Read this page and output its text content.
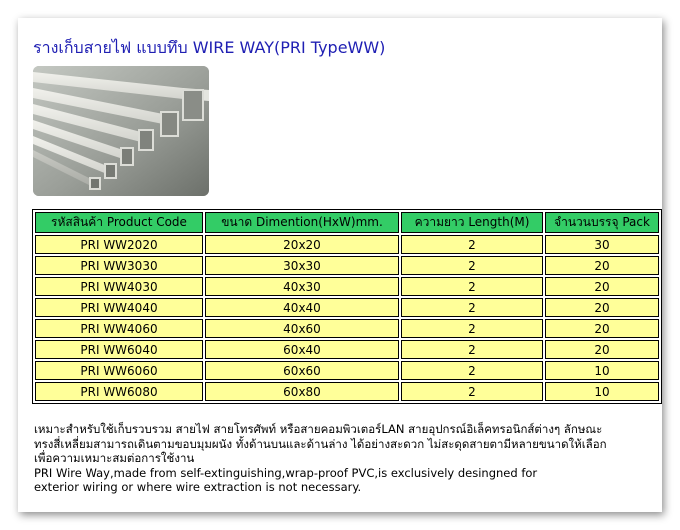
รางเก็บสายไฟ แบบทึบ WIRE WAY(PRI TypeWW)
รหัสสินค้า Product Code	ขนาด Dimention(HxW)mm.	ความยาว Length(M)	จำนวนบรรจุ Pack
PRI WW2020	20x20	2	30
PRI WW3030	30x30	2	20
PRI WW4030	40x30	2	20
PRI WW4040	40x40	2	20
PRI WW4060	40x60	2	20
PRI WW6040	60x40	2	20
PRI WW6060	60x60	2	10
PRI WW6080	60x80	2	10
เหมาะสำหรับใช้เก็บรวบรวม สายไฟ สายโทรศัพท์ หรือสายคอมพิวเตอร์LAN สายอุปกรณ์อิเล็คทรอนิกส์ต่างๆ ลักษณะ
ทรงสี่เหลี่ยมสามารถเดินตามขอบมุมผนัง ทั้งด้านบนและด้านล่าง ได้อย่างสะดวก ไม่สะดุดสายตามีหลายขนาดให้เลือก
เพื่อความเหมาะสมต่อการใช้งาน
PRI Wire Way,made from self-extinguishing,wrap-proof PVC,is exclusively desingned for
exterior wiring or where wire extraction is not necessary.
